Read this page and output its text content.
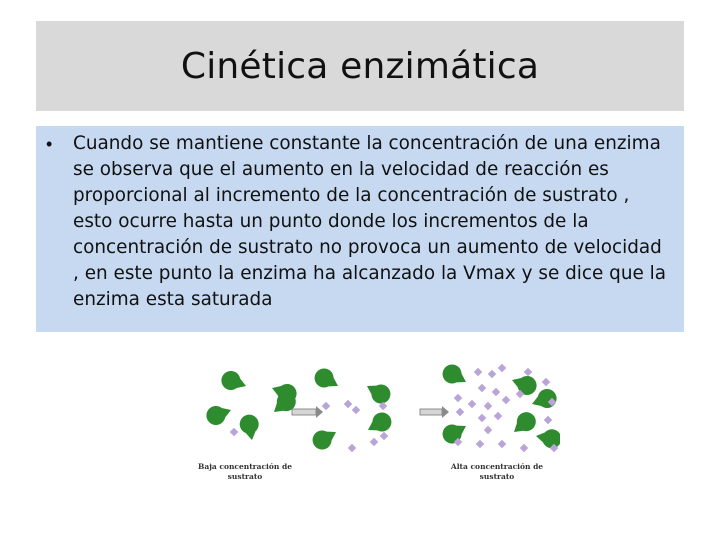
Cinética enzimática
•	Cuando se mantiene constante la concentración de una enzima se observa que el aumento en la velocidad de reacción es proporcional al incremento de la concentración de sustrato , esto ocurre hasta un punto donde los incrementos de la concentración de sustrato no provoca un aumento de velocidad , en este punto la enzima ha alcanzado la Vmax y se dice que la enzima esta saturada
Baja concentración de
sustrato
Alta concentración de
sustrato
